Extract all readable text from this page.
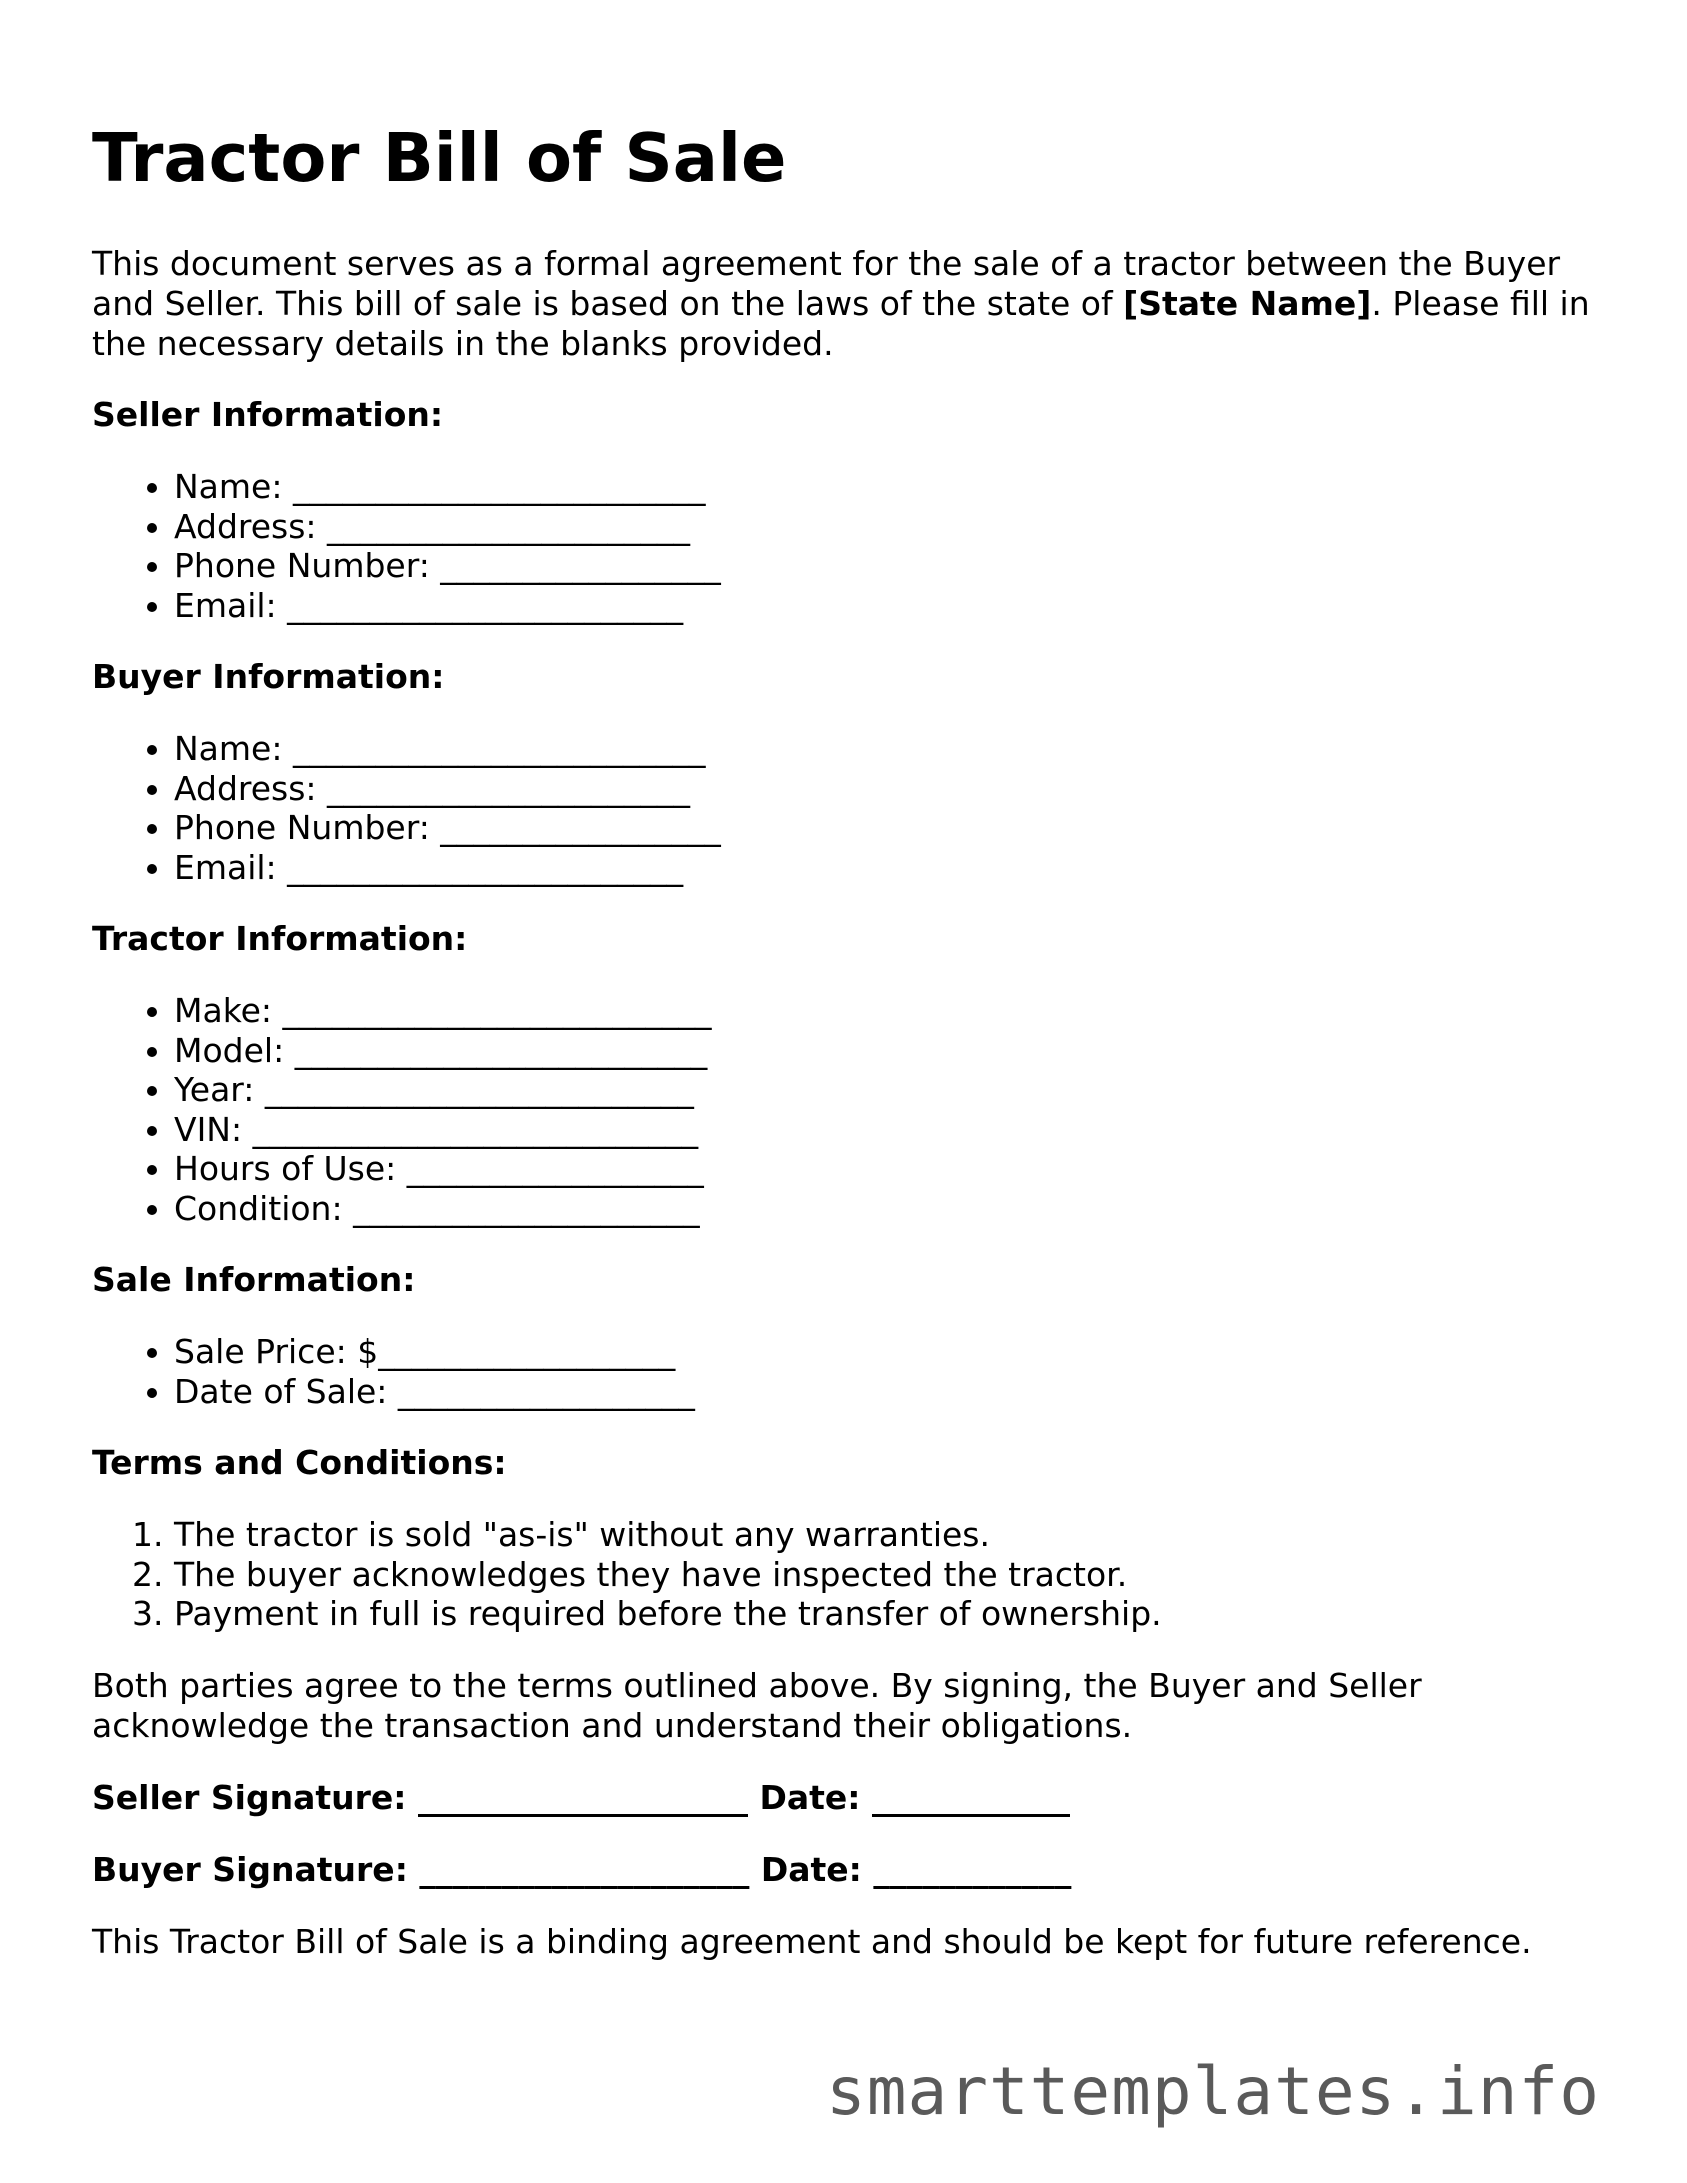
Tractor Bill of Sale

This document serves as a formal agreement for the sale of a tractor between the Buyer and Seller. This bill of sale is based on the laws of the state of [State Name]. Please fill in the necessary details in the blanks provided.

Seller Information:
• Name: _________________________
• Address: ______________________
• Phone Number: _________________
• Email: ________________________
Buyer Information:
• Name: _________________________
• Address: ______________________
• Phone Number: _________________
• Email: ________________________
Tractor Information:
• Make: __________________________
• Model: _________________________
• Year: __________________________
• VIN: ___________________________
• Hours of Use: __________________
• Condition: _____________________
Sale Information:
• Sale Price: $__________________
• Date of Sale: __________________
Terms and Conditions:
1. The tractor is sold "as-is" without any warranties.
2. The buyer acknowledges they have inspected the tractor.
3. Payment in full is required before the transfer of ownership.

Both parties agree to the terms outlined above. By signing, the Buyer and Seller acknowledge the transaction and understand their obligations.

Seller Signature: ____________________ Date: ____________
Buyer Signature: ____________________ Date: ____________

This Tractor Bill of Sale is a binding agreement and should be kept for future reference.

smarttemplates.info
